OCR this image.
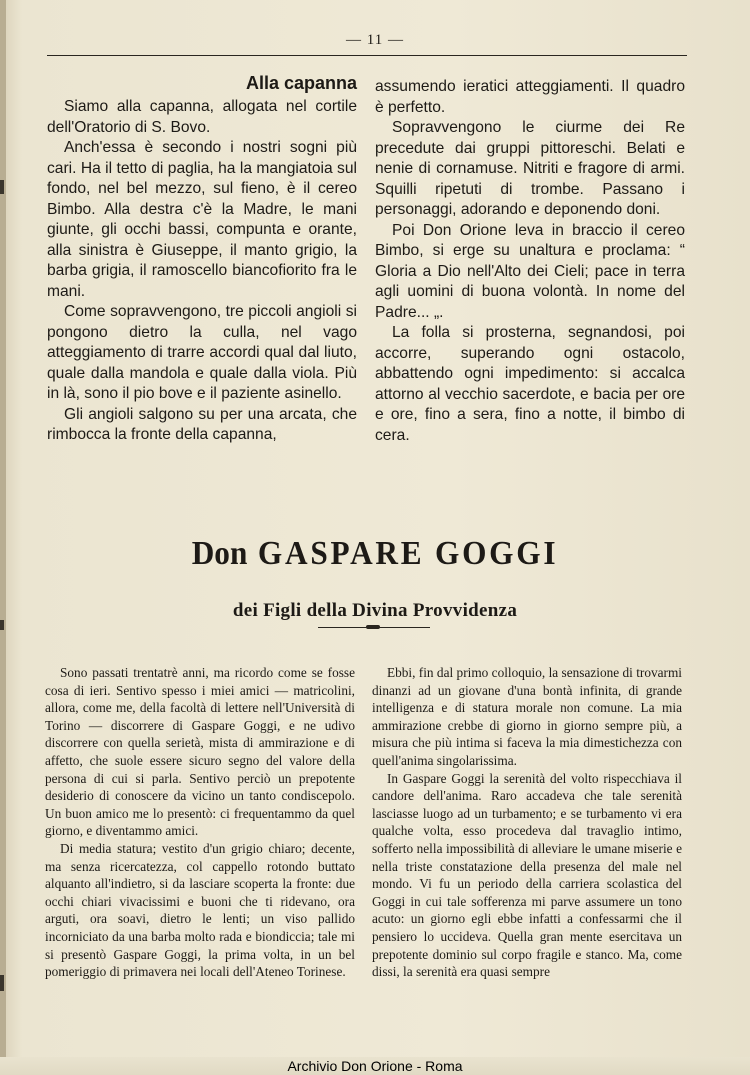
— 11 —
Alla capanna

Siamo alla capanna, allogata nel cortile dell'Oratorio di S. Bovo.

Anch'essa è secondo i nostri sogni più cari. Ha il tetto di paglia, ha la mangiatoia sul fondo, nel bel mezzo, sul fieno, è il cereo Bimbo. Alla destra c'è la Madre, le mani giunte, gli occhi bassi, compunta e orante, alla sinistra è Giuseppe, il manto grigio, la barba grigia, il ramoscello biancofiorito fra le mani.

Come sopravvengono, tre piccoli angioli si pongono dietro la culla, nel vago atteggiamento di trarre accordi qual dal liuto, quale dalla mandola e quale dalla viola. Più in là, sono il pio bove e il paziente asinello.

Gli angioli salgono su per una arcata, che rimbocca la fronte della capanna,

assumendo ieratici atteggiamenti. Il quadro è perfetto.

Sopravvengono le ciurme dei Re precedute dai gruppi pittoreschi. Belati e nenie di cornamuse. Nitriti e fragore di armi. Squilli ripetuti di trombe. Passano i personaggi, adorando e deponendo doni.

Poi Don Orione leva in braccio il cereo Bimbo, si erge su unaltura e proclama: “ Gloria a Dio nell'Alto dei Cieli; pace in terra agli uomini di buona volontà. In nome del Padre... „.

La folla si prosterna, segnandosi, poi accorre, superando ogni ostacolo, abbattendo ogni impedimento: si accalca attorno al vecchio sacerdote, e bacia per ore e ore, fino a sera, fino a notte, il bimbo di cera.

Don GASPARE GOGGI
dei Figli della Divina Provvidenza

Sono passati trentatrè anni, ma ricordo come se fosse cosa di ieri. Sentivo spesso i miei amici — matricolini, allora, come me, della facoltà di lettere nell'Università di Torino — discorrere di Gaspare Goggi, e ne udivo discorrere con quella serietà, mista di ammirazione e di affetto, che suole essere sicuro segno del valore della persona di cui si parla. Sentivo perciò un prepotente desiderio di conoscere da vicino un tanto condiscepolo. Un buon amico me lo presentò: ci frequentammo da quel giorno, e diventammo amici.

Di media statura; vestito d'un grigio chiaro; decente, ma senza ricercatezza, col cappello rotondo buttato alquanto all'indietro, si da lasciare scoperta la fronte: due occhi chiari vivacissimi e buoni che ti ridevano, ora arguti, ora soavi, dietro le lenti; un viso pallido incorniciato da una barba molto rada e biondiccia; tale mi si presentò Gaspare Goggi, la prima volta, in un bel pomeriggio di primavera nei locali dell'Ateneo Torinese.

Ebbi, fin dal primo colloquio, la sensazione di trovarmi dinanzi ad un giovane d'una bontà infinita, di grande intelligenza e di statura morale non comune. La mia ammirazione crebbe di giorno in giorno sempre più, a misura che più intima si faceva la mia dimestichezza con quell'anima singolarissima.

In Gaspare Goggi la serenità del volto rispecchiava il candore dell'anima. Raro accadeva che tale serenità lasciasse luogo ad un turbamento; e se turbamento vi era qualche volta, esso procedeva dal travaglio intimo, sofferto nella impossibilità di alleviare le umane miserie e nella triste constatazione della presenza del male nel mondo. Vi fu un periodo della carriera scolastica del Goggi in cui tale sofferenza mi parve assumere un tono acuto: un giorno egli ebbe infatti a confessarmi che il pensiero lo uccideva. Quella gran mente esercitava un prepotente dominio sul corpo fragile e stanco. Ma, come dissi, la serenità era quasi sempre

Archivio Don Orione - Roma
